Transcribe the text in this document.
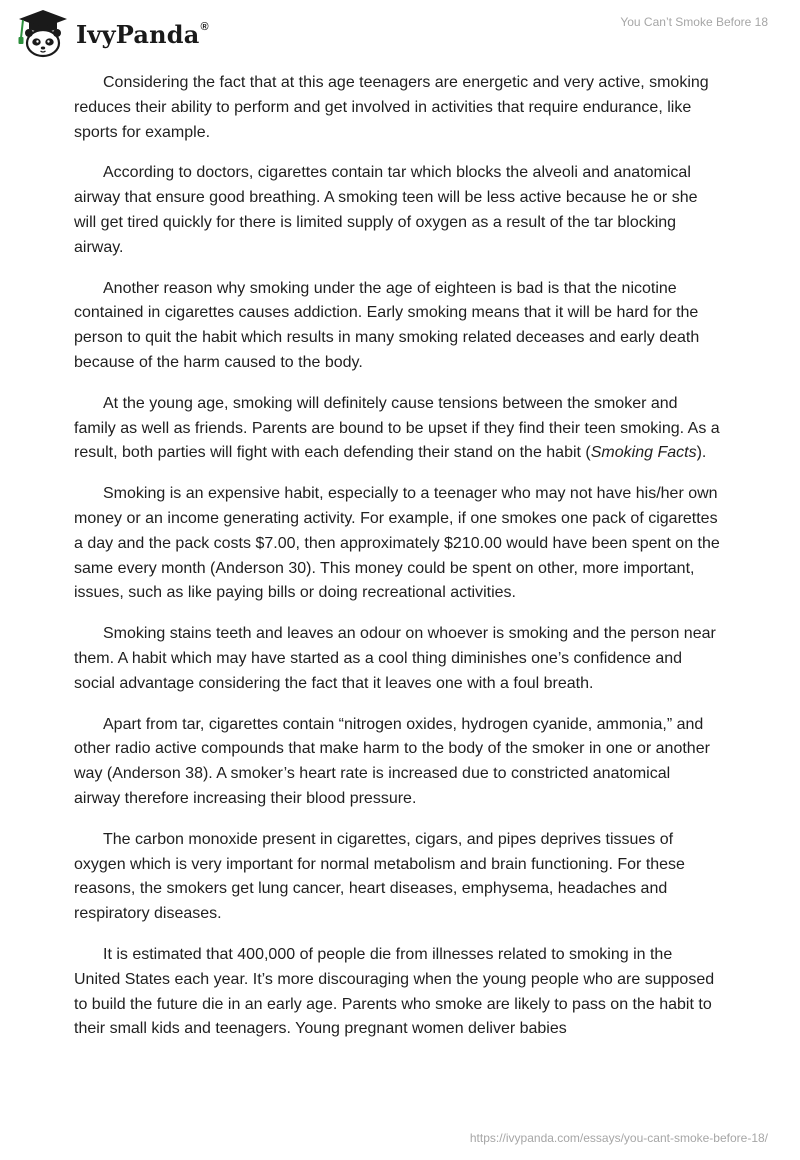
IvyPanda®	You Can’t Smoke Before 18

Considering the fact that at this age teenagers are energetic and very active, smoking reduces their ability to perform and get involved in activities that require endurance, like sports for example.

According to doctors, cigarettes contain tar which blocks the alveoli and anatomical airway that ensure good breathing. A smoking teen will be less active because he or she will get tired quickly for there is limited supply of oxygen as a result of the tar blocking airway.

Another reason why smoking under the age of eighteen is bad is that the nicotine contained in cigarettes causes addiction. Early smoking means that it will be hard for the person to quit the habit which results in many smoking related deceases and early death because of the harm caused to the body.

At the young age, smoking will definitely cause tensions between the smoker and family as well as friends. Parents are bound to be upset if they find their teen smoking. As a result, both parties will fight with each defending their stand on the habit (Smoking Facts).

Smoking is an expensive habit, especially to a teenager who may not have his/her own money or an income generating activity. For example, if one smokes one pack of cigarettes a day and the pack costs $7.00, then approximately $210.00 would have been spent on the same every month (Anderson 30). This money could be spent on other, more important, issues, such as like paying bills or doing recreational activities.

Smoking stains teeth and leaves an odour on whoever is smoking and the person near them. A habit which may have started as a cool thing diminishes one’s confidence and social advantage considering the fact that it leaves one with a foul breath.

Apart from tar, cigarettes contain “nitrogen oxides, hydrogen cyanide, ammonia,” and other radio active compounds that make harm to the body of the smoker in one or another way (Anderson 38). A smoker’s heart rate is increased due to constricted anatomical airway therefore increasing their blood pressure.

The carbon monoxide present in cigarettes, cigars, and pipes deprives tissues of oxygen which is very important for normal metabolism and brain functioning. For these reasons, the smokers get lung cancer, heart diseases, emphysema, headaches and respiratory diseases.

It is estimated that 400,000 of people die from illnesses related to smoking in the United States each year. It’s more discouraging when the young people who are supposed to build the future die in an early age. Parents who smoke are likely to pass on the habit to their small kids and teenagers. Young pregnant women deliver babies

https://ivypanda.com/essays/you-cant-smoke-before-18/
